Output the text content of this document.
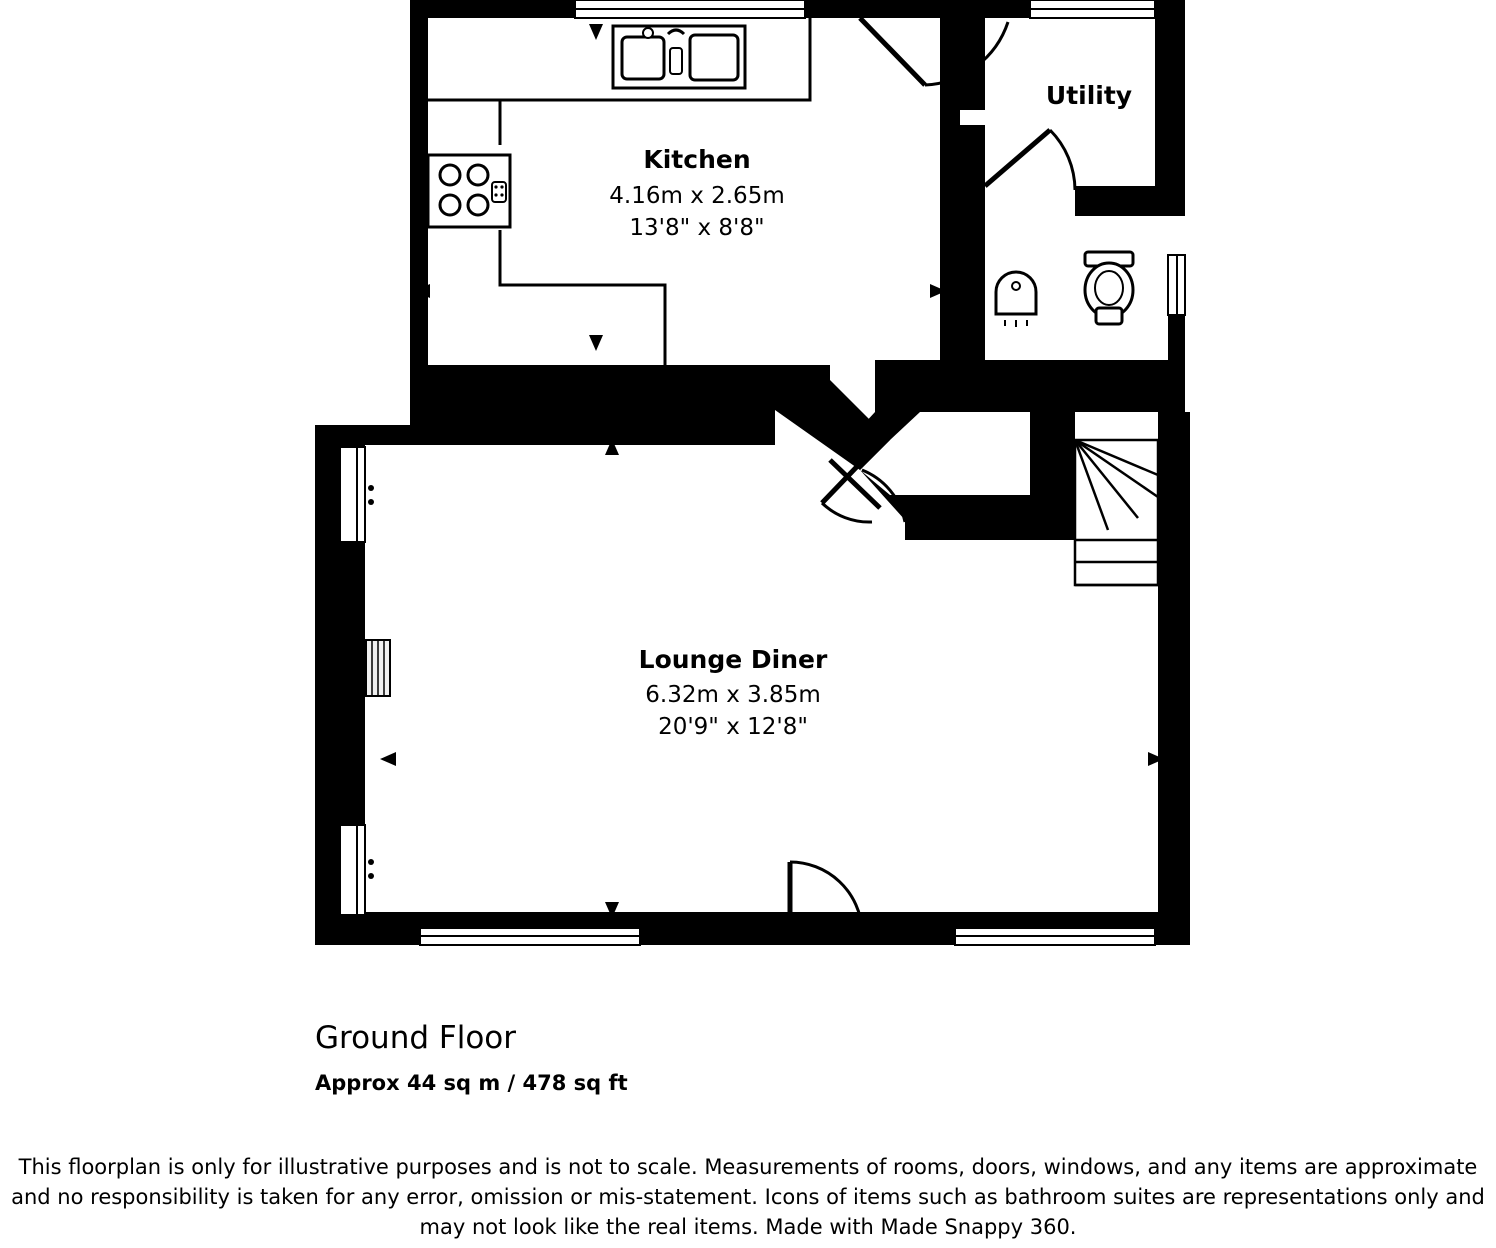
Kitchen
4.16m x 2.65m
13'8" x 8'8"
Utility
Lounge Diner
6.32m x 3.85m
20'9" x 12'8"
Ground Floor
Approx 44 sq m / 478 sq ft
This floorplan is only for illustrative purposes and is not to scale. Measurements of rooms, doors, windows, and any items are approximate
and no responsibility is taken for any error, omission or mis-statement. Icons of items such as bathroom suites are representations only and
may not look like the real items. Made with Made Snappy 360.
